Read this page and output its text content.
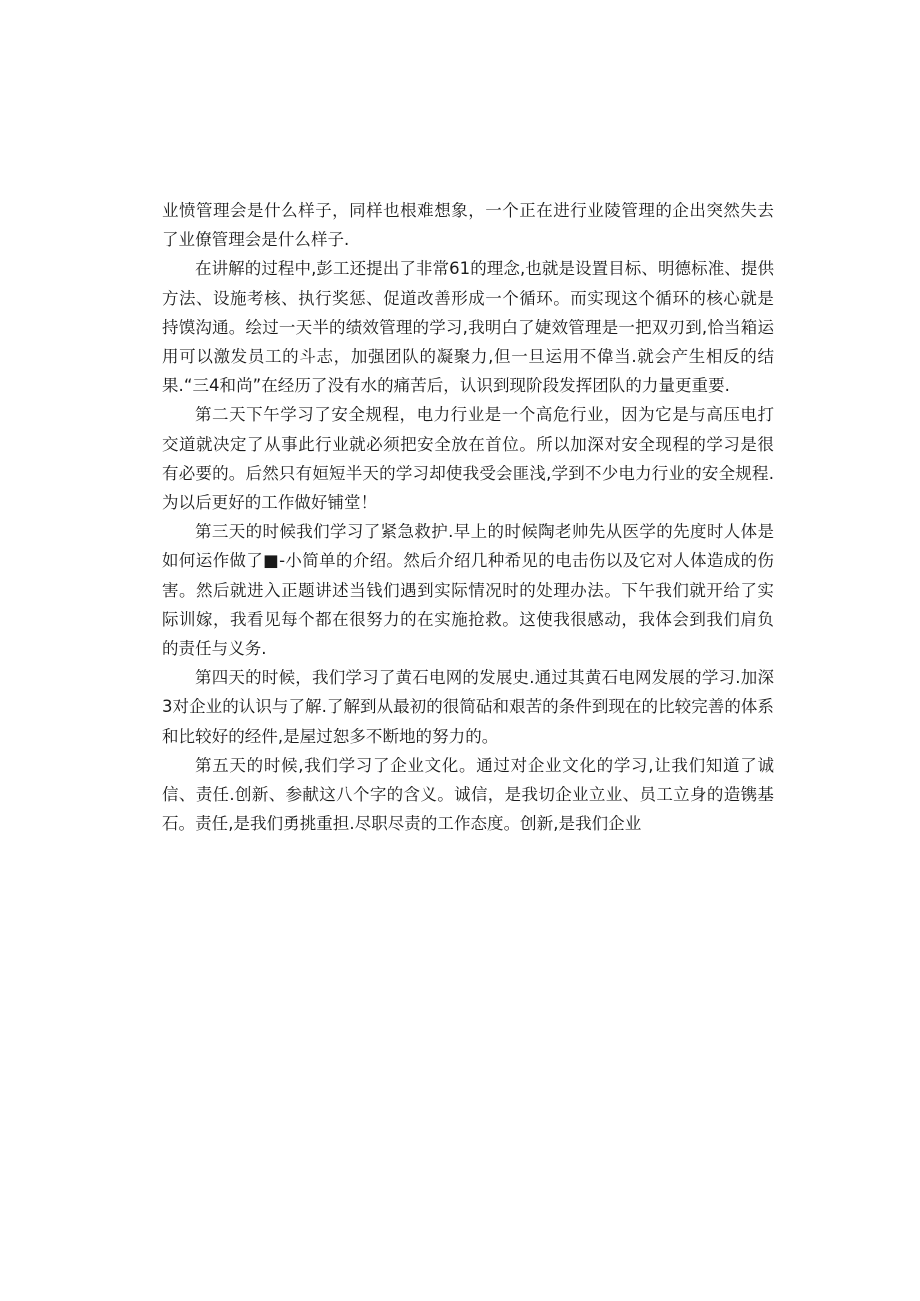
业愤管理会是什么样子，同样也根难想象，一个正在进行业陵管理的企出突然失去了业僚管理会是什么样子.

在讲解的过程中,彭工还提出了非常61的理念,也就是设置目标、明德标准、提供方法、设施考核、执行奖惩、促道改善形成一个循环。而实现这个循环的核心就是持馍沟通。绘过一天半的绩效管理的学习,我明白了婕效管理是一把双刃到,恰当箱运用可以激发员工的斗志，加强团队的凝聚力,但一旦运用不偉当.就会产生相反的结果.“三4和尚”在经历了没有水的痛苦后，认识到现阶段发挥团队的力量更重要.

第二天下午学习了安全规程，电力行业是一个高危行业，因为它是与高压电打交道就决定了从事此行业就必须把安全放在首位。所以加深对安全现程的学习是很有必要的。后然只有姮短半天的学习却使我受会匪浅,学到不少电力行业的安全规程.为以后更好的工作做好铺堂！

第三天的时候我们学习了紧急救护.早上的时候陶老帅先从医学的先度时人体是如何运作做了■-小简单的介绍。然后介绍几种希见的电击伤以及它对人体造成的伤害。然后就进入正题讲述当钱们遇到实际情况时的处理办法。下午我们就开给了实际训嫁，我看见每个都在很努力的在实施抢救。这使我很感动，我体会到我们肩负的责任与义务.

第四天的时候，我们学习了黄石电网的发展史.通过其黄石电网发展的学习.加深3对企业的认识与了解.了解到从最初的很简砧和艰苦的条件到现在的比较完善的体系和比较好的经件,是屋过恕多不断地的努力的。

第五天的时候,我们学习了企业文化。通过对企业文化的学习,让我们知道了诚信、责任.创新、参献这八个字的含义。诚信，是我切企业立业、员工立身的造镌基石。责任,是我们勇挑重担.尽职尽责的工作态度。创新,是我们企业
